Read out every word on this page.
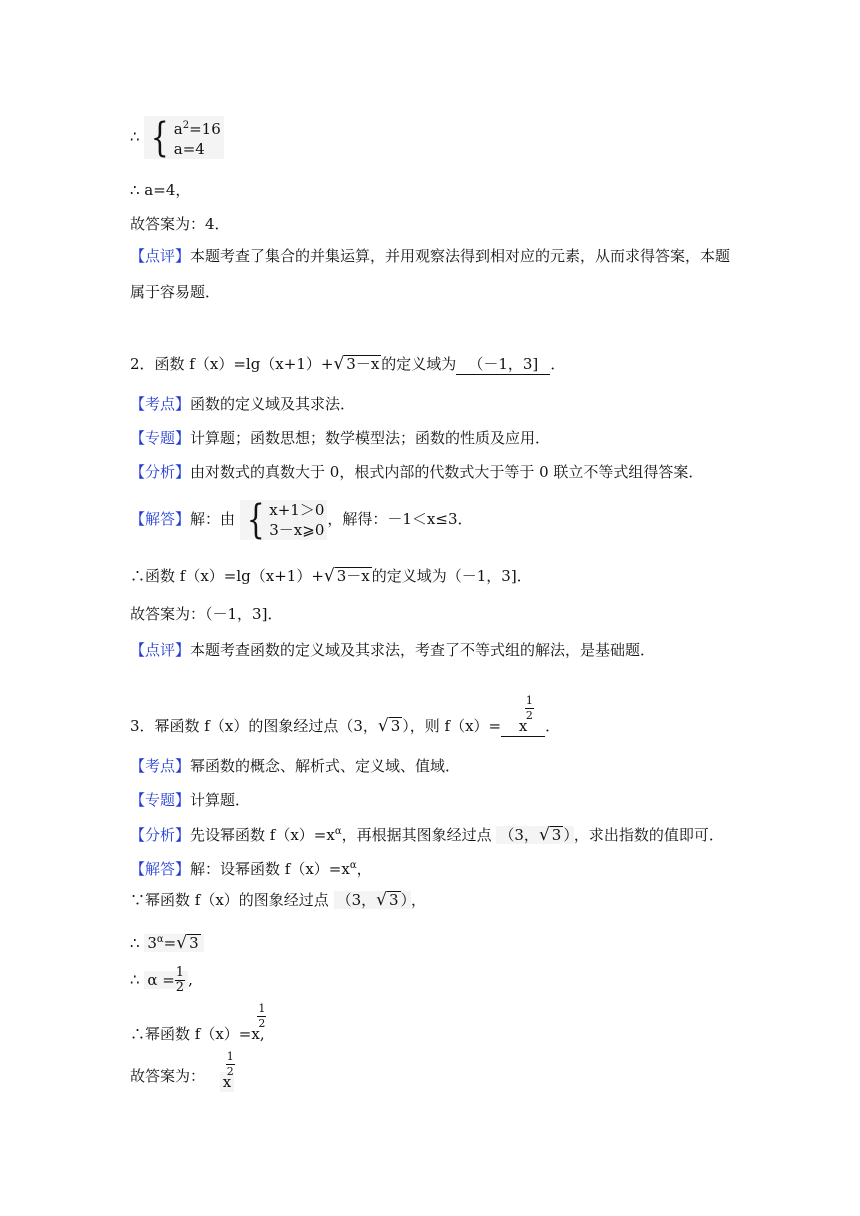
∴ { $a^2=16$
a=4
∴ a=4，
故答案为：4．
【点评】本题考查了集合的并集运算，并用观察法得到相对应的元素，从而求得答案，本题
属于容易题．
2．函数 f（x）=lg（x+1）+ √ 3－x 的定义域为 （－1，3] ．
【考点】函数的定义域及其求法．
【专题】计算题；函数思想；数学模型法；函数的性质及应用．
【分析】由对数式的真数大于 0，根式内部的代数式大于等于 0 联立不等式组得答案．
【解答】解：由 { x+1＞0
3－x⩾0
，解得：－1＜x≤3．
∴函数 f（x）=lg（x+1）+ √ 3－x 的定义域为（－1，3]．
故答案为：（－1，3]．
【点评】本题考查函数的定义域及其求法，考查了不等式组的解法，是基础题．
3．幂函数 f（x）的图象经过点（3， √ 3 ），则 f（x）= x
$\frac{1}{2}$
．
【考点】幂函数的概念、解析式、定义域、值域．
【专题】计算题．
【分析】先设幂函数 $f(x)=x^\alpha$，再根据其图象经过点 （3， √ 3 ） ，求出指数的值即可．
【解答】解：设幂函数 $f(x)=x^\alpha$，
∵幂函数 f（x）的图象经过点 （3， √ 3 ） ，
∴ $3^\alpha=$ √ 3
∴ $\alpha = \frac{1}{2}$ ,
∴幂函数 f（x）=x
$\frac{1}{2}$
,
故答案为： x
$\frac{1}{2}$
